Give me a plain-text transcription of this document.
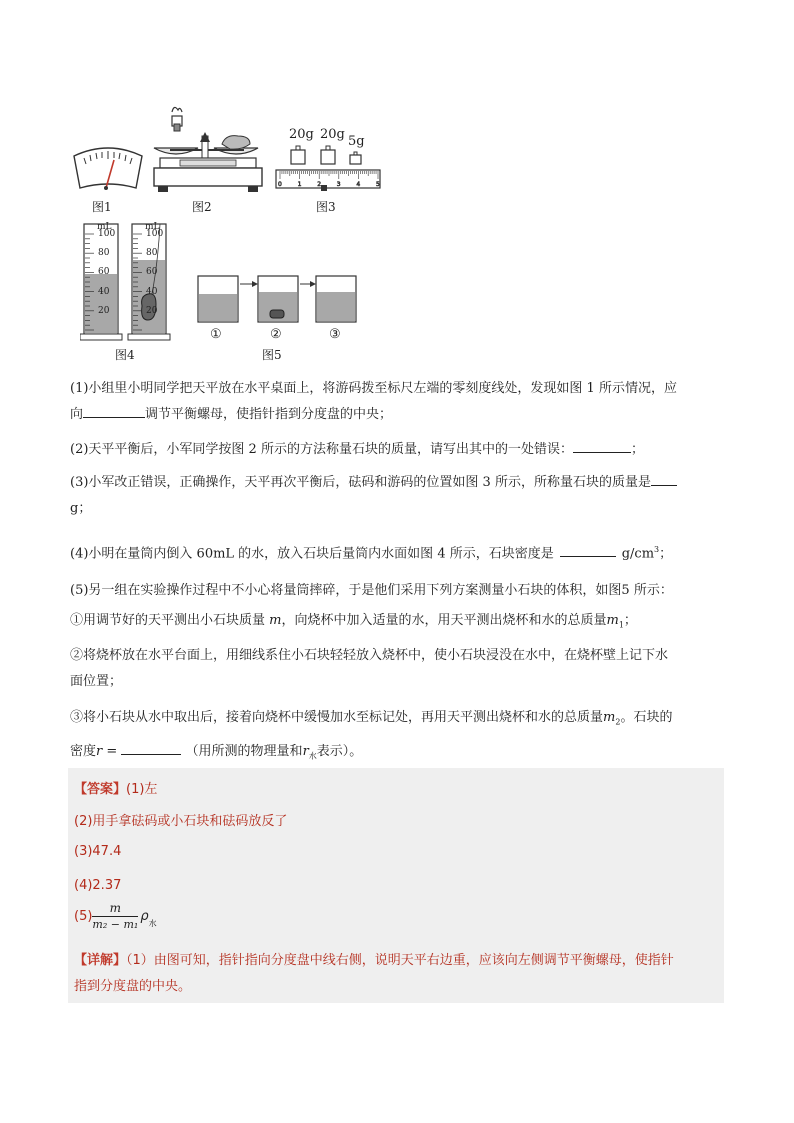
图1	图2
20g 20g 5g
0	1	2	3	4	5
图3
mL	mL
100
80
60
40
20
100
80
60
40
20
图4
①	②	③
图5
(1)小组里小明同学把天平放在水平桌面上，将游码拨至标尺左端的零刻度线处，发现如图 1 所示情况，应
向	调节平衡螺母，使指针指到分度盘的中央；
(2)天平平衡后，小军同学按图 2 所示的方法称量石块的质量，请写出其中的一处错误：	；
(3)小军改正错误，正确操作，天平再次平衡后，砝码和游码的位置如图 3 所示，所称量石块的质量是
g；
(4)小明在量筒内倒入 60mL 的水，放入石块后量筒内水面如图 4 所示，石块密度是	$g/cm^3$；
(5)另一组在实验操作过程中不小心将量筒摔碎，于是他们采用下列方案测量小石块的体积，如图5 所示：
①用调节好的天平测出小石块质量 m，向烧杯中加入适量的水，用天平测出烧杯和水的总质量$m_1$；
②将烧杯放在水平台面上，用细线系住小石块轻轻放入烧杯中，使小石块浸没在水中，在烧杯壁上记下水
面位置；
③将小石块从水中取出后，接着向烧杯中缓慢加水至标记处，再用天平测出烧杯和水的总质量$m_2$。石块的
密度r =	（用所测的物理量和$r_水$表示）。
【答案】(1)左
(2)用手拿砝码或小石块和砝码放反了
(3)47.4
(4)2.37
$(5) \frac{m}{\text{m₂ − m₁}} \rho_水$
【详解】（1）由图可知，指针指向分度盘中线右侧，说明天平右边重，应该向左侧调节平衡螺母，使指针
指到分度盘的中央。
